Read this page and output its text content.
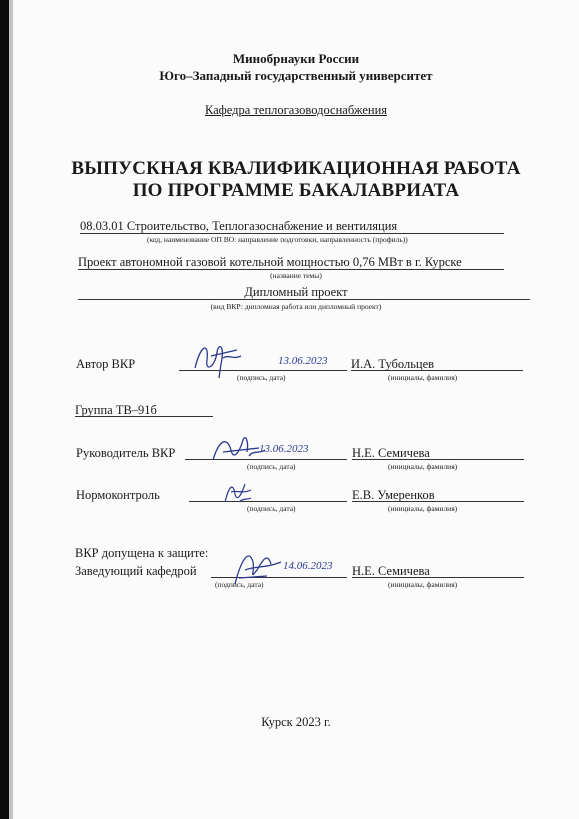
Минобрнауки России
Юго–Западный государственный университет
Кафедра теплогазоводоснабжения
ВЫПУСКНАЯ КВАЛИФИКАЦИОННАЯ РАБОТА
ПО ПРОГРАММЕ БАКАЛАВРИАТА
08.03.01 Строительство, Теплогазоснабжение и вентиляция
(код, наименование ОП ВО: направление подготовки, направленность (профиль))
Проект автономной газовой котельной мощностью 0,76 МВт в г. Курске
(название темы)
Дипломный проект
(вид ВКР: дипломная работа или дипломный проект)
Автор ВКР	13.06.2023
(подпись, дата)
И.А. Тубольцев
(инициалы, фамилия)
Группа ТВ–91б
Руководитель ВКР	13.06.2023
(подпись, дата)
Н.Е. Семичева
(инициалы, фамилия)
Нормоконтроль
(подпись, дата)
Е.В. Умеренков
(инициалы, фамилия)
ВКР допущена к защите:
Заведующий кафедрой	14.06.2023
(подпись, дата)
Н.Е. Семичева
(инициалы, фамилия)
Курск 2023 г.
